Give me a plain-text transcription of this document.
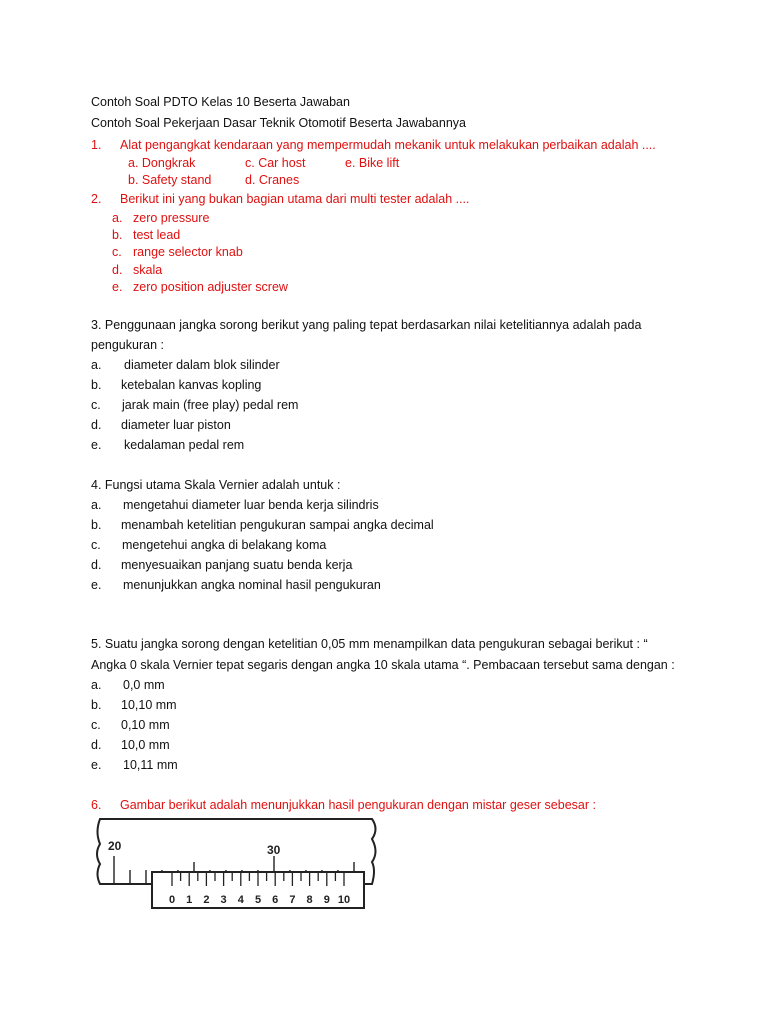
Contoh Soal PDTO Kelas 10 Beserta Jawaban
Contoh Soal Pekerjaan Dasar Teknik Otomotif Beserta Jawabannya
1. Alat pengangkat kendaraan yang mempermudah mekanik untuk melakukan perbaikan adalah ....
a. Dongkrak	c. Car host	e. Bike lift
b. Safety stand	d. Cranes
2. Berikut ini yang bukan bagian utama dari multi tester adalah ....
a. zero pressure
b. test lead
c. range selector knab
d. skala
e. zero position adjuster screw
3. Penggunaan jangka sorong berikut yang paling tepat berdasarkan nilai ketelitiannya adalah pada
pengukuran :
a. diameter dalam blok silinder
b. ketebalan kanvas kopling
c. jarak main (free play) pedal rem
d. diameter luar piston
e. kedalaman pedal rem
4. Fungsi utama Skala Vernier adalah untuk :
a. mengetahui diameter luar benda kerja silindris
b. menambah ketelitian pengukuran sampai angka decimal
c. mengetehui angka di belakang koma
d. menyesuaikan panjang suatu benda kerja
e. menunjukkan angka nominal hasil pengukuran
5. Suatu jangka sorong dengan ketelitian 0,05 mm menampilkan data pengukuran sebagai berikut : “
Angka 0 skala Vernier tepat segaris dengan angka 10 skala utama “. Pembacaan tersebut sama dengan :
a. 0,0 mm
b. 10,10 mm
c. 0,10 mm
d. 10,0 mm
e. 10,11 mm
6. Gambar berikut adalah menunjukkan hasil pengukuran dengan mistar geser sebesar :
20	30
0 1 2 3 4 5 6 7 8 9 10
